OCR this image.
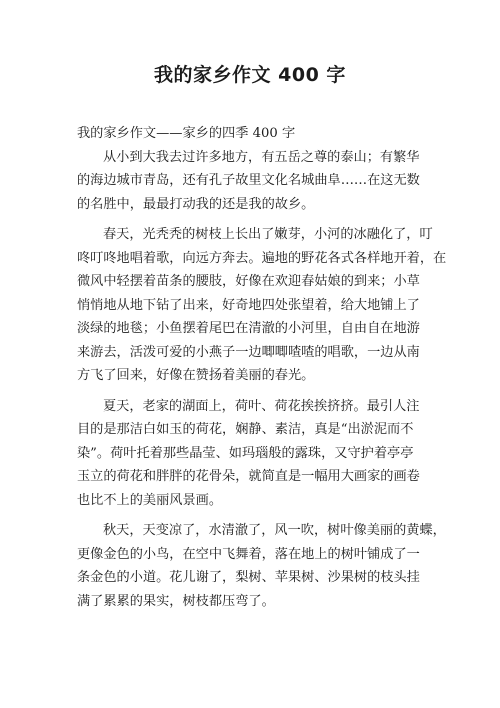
我的家乡作文 400 字
我的家乡作文——家乡的四季 400 字
从小到大我去过许多地方，有五岳之尊的泰山；有繁华
的海边城市青岛，还有孔子故里文化名城曲阜……在这无数
的名胜中，最最打动我的还是我的故乡。
春天，光秃秃的树枝上长出了嫩芽，小河的冰融化了，叮
咚叮咚地唱着歌，向远方奔去。遍地的野花各式各样地开着，在
微风中轻摆着苗条的腰肢，好像在欢迎春姑娘的到来；小草
悄悄地从地下钻了出来，好奇地四处张望着，给大地铺上了
淡绿的地毯；小鱼摆着尾巴在清澈的小河里，自由自在地游
来游去，活泼可爱的小燕子一边唧唧喳喳的唱歌，一边从南
方飞了回来，好像在赞扬着美丽的春光。
夏天，老家的湖面上，荷叶、荷花挨挨挤挤。最引人注
目的是那洁白如玉的荷花，娴静、素洁，真是“出淤泥而不
染”。荷叶托着那些晶莹、如玛瑙般的露珠，又守护着亭亭
玉立的荷花和胖胖的花骨朵，就简直是一幅用大画家的画卷
也比不上的美丽风景画。
秋天，天变凉了，水清澈了，风一吹，树叶像美丽的黄蝶，
更像金色的小鸟，在空中飞舞着，落在地上的树叶铺成了一
条金色的小道。花儿谢了，梨树、苹果树、沙果树的枝头挂
满了累累的果实，树枝都压弯了。
